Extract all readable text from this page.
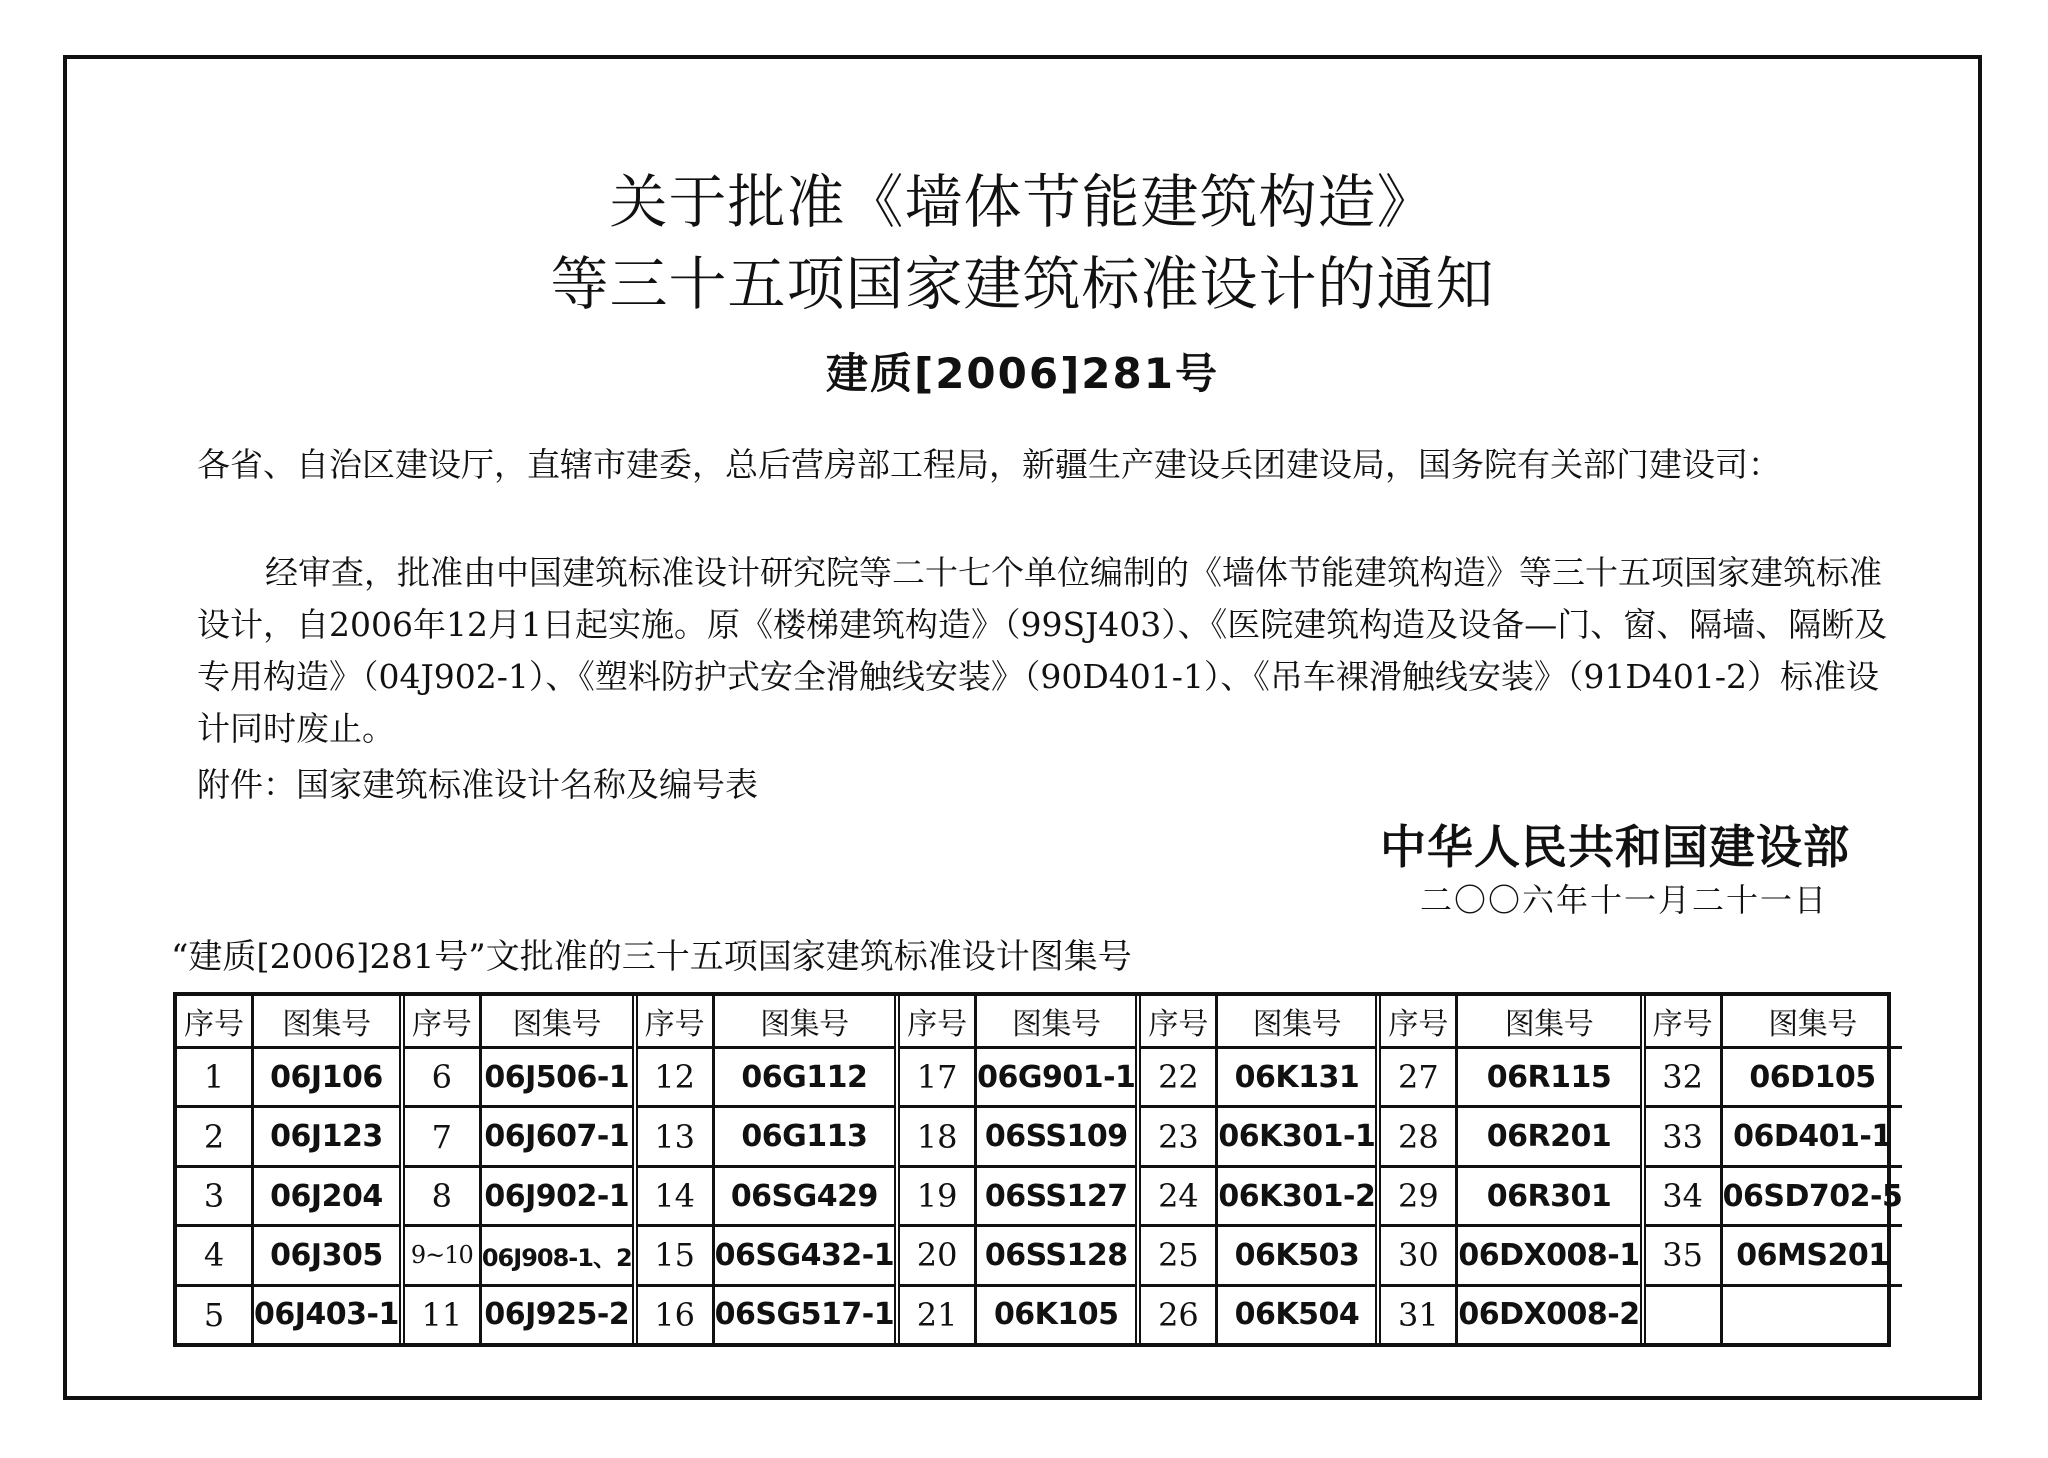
关于批准《墙体节能建筑构造》
等三十五项国家建筑标准设计的通知
建质[2006]281号
各省、自治区建设厅，直辖市建委，总后营房部工程局，新疆生产建设兵团建设局，国务院有关部门建设司：
经审查，批准由中国建筑标准设计研究院等二十七个单位编制的《墙体节能建筑构造》等三十五项国家建筑标准设计，自2006年12月1日起实施。原《楼梯建筑构造》（99SJ403）、《医院建筑构造及设备—门、窗、隔墙、隔断及专用构造》（04J902-1）、《塑料防护式安全滑触线安装》（90D401-1）、《吊车裸滑触线安装》（91D401-2）标准设计同时废止。
附件：国家建筑标准设计名称及编号表
中华人民共和国建设部
二〇〇六年十一月二十一日
“建质[2006]281号”文批准的三十五项国家建筑标准设计图集号
序号	图集号
1	06J106
2	06J123
3	06J204
4	06J305
5 06J403-1
序号	图集号
6	06J506-1
7	06J607-1
8	06J902-1
9~10 06J908-1、2
11 06J925-2
序号	图集号
12	06G112
13	06G113
14	06SG429
15 06SG432-1
16 06SG517-1
序号	图集号
17 06G901-1
18 06SS109
19 06SS127
20 06SS128
21	06K105
序号	图集号
22	06K131
23 06K301-1
24 06K301-2
25	06K503
26	06K504
序号	图集号
27	06R115
28	06R201
29	06R301
30 06DX008-1
31 06DX008-2
序号	图集号
32	06D105
33	06D401-1
34 06SD702-5
35	06MS201
